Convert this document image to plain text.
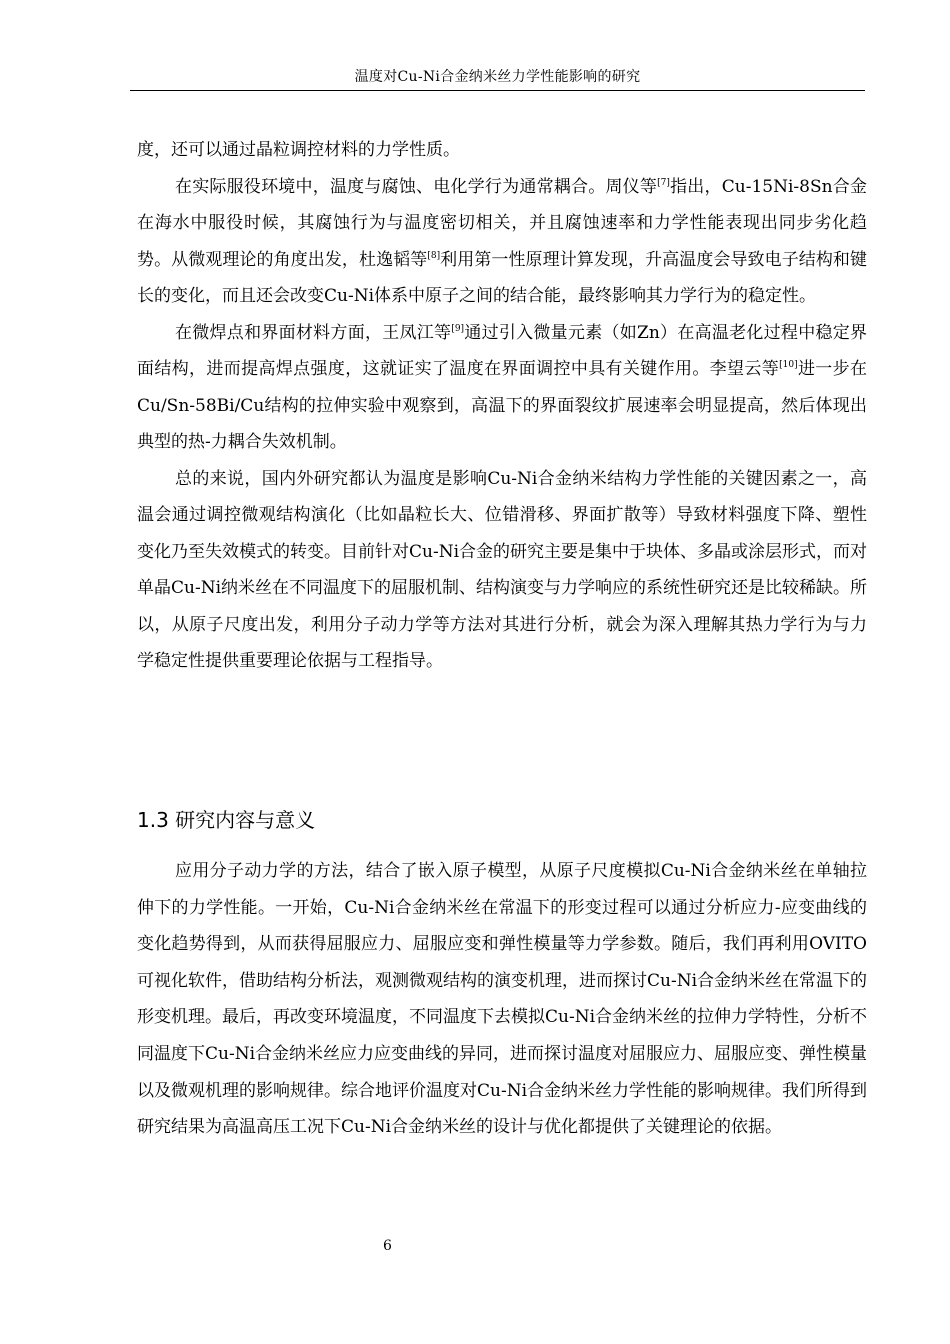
温度对Cu-Ni合金纳米丝力学性能影响的研究

度，还可以通过晶粒调控材料的力学性质。

在实际服役环境中，温度与腐蚀、电化学行为通常耦合。周仪等[7]指出，Cu-15Ni-8Sn合金在海水中服役时候，其腐蚀行为与温度密切相关，并且腐蚀速率和力学性能表现出同步劣化趋势。从微观理论的角度出发，杜逸韬等[8]利用第一性原理计算发现，升高温度会导致电子结构和键长的变化，而且还会改变Cu-Ni体系中原子之间的结合能，最终影响其力学行为的稳定性。

在微焊点和界面材料方面，王凤江等[9]通过引入微量元素（如Zn）在高温老化过程中稳定界面结构，进而提高焊点强度，这就证实了温度在界面调控中具有关键作用。李望云等[10]进一步在Cu/Sn-58Bi/Cu结构的拉伸实验中观察到，高温下的界面裂纹扩展速率会明显提高，然后体现出典型的热-力耦合失效机制。

总的来说，国内外研究都认为温度是影响Cu-Ni合金纳米结构力学性能的关键因素之一，高温会通过调控微观结构演化（比如晶粒长大、位错滑移、界面扩散等）导致材料强度下降、塑性变化乃至失效模式的转变。目前针对Cu-Ni合金的研究主要是集中于块体、多晶或涂层形式，而对单晶Cu-Ni纳米丝在不同温度下的屈服机制、结构演变与力学响应的系统性研究还是比较稀缺。所以，从原子尺度出发，利用分子动力学等方法对其进行分析，就会为深入理解其热力学行为与力学稳定性提供重要理论依据与工程指导。

1.3 研究内容与意义

应用分子动力学的方法，结合了嵌入原子模型，从原子尺度模拟Cu-Ni合金纳米丝在单轴拉伸下的力学性能。一开始，Cu-Ni合金纳米丝在常温下的形变过程可以通过分析应力-应变曲线的变化趋势得到，从而获得屈服应力、屈服应变和弹性模量等力学参数。随后，我们再利用OVITO可视化软件，借助结构分析法，观测微观结构的演变机理，进而探讨Cu-Ni合金纳米丝在常温下的形变机理。最后，再改变环境温度，不同温度下去模拟Cu-Ni合金纳米丝的拉伸力学特性，分析不同温度下Cu-Ni合金纳米丝应力应变曲线的异同，进而探讨温度对屈服应力、屈服应变、弹性模量以及微观机理的影响规律。综合地评价温度对Cu-Ni合金纳米丝力学性能的影响规律。我们所得到研究结果为高温高压工况下Cu-Ni合金纳米丝的设计与优化都提供了关键理论的依据。

6
